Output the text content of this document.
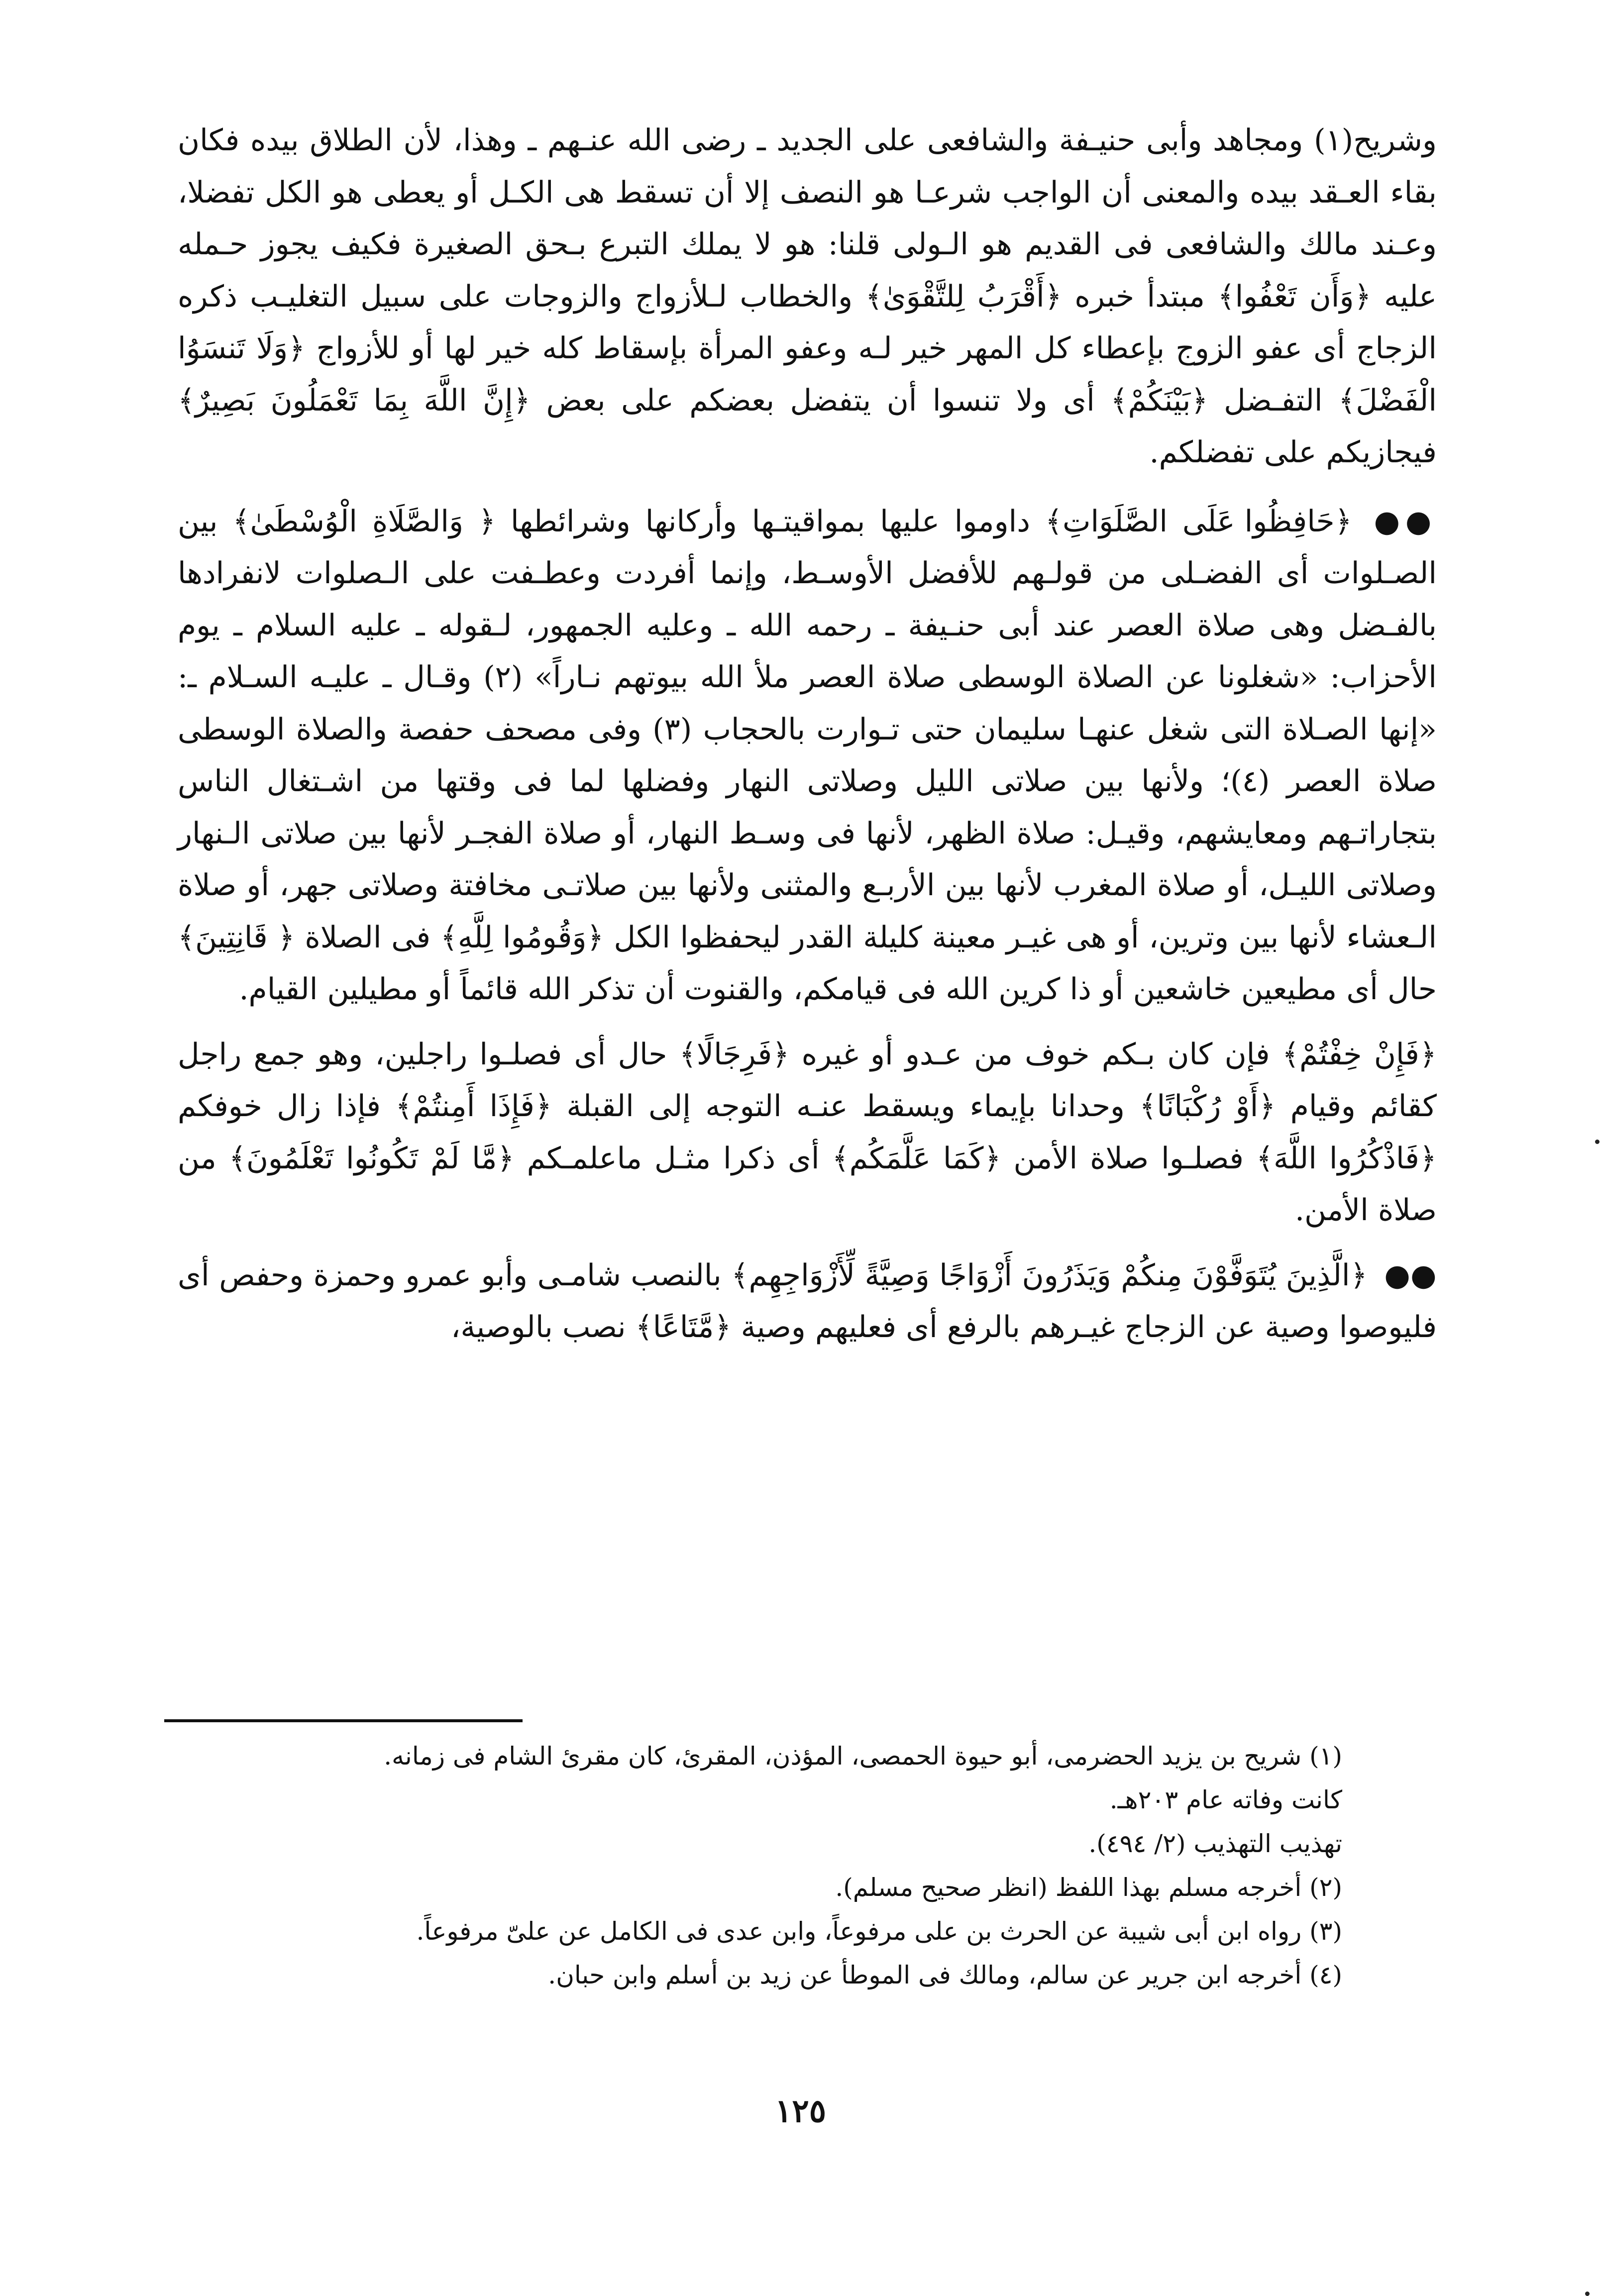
وشريح(١) ومجاهد وأبى حنيـفة والشافعى على الجديد ـ رضى الله عنـهم ـ وهذا، لأن الطلاق بيده فكان بقاء العـقد بيده والمعنى أن الواجب شرعـا هو النصف إلا أن تسقط هى الكـل أو يعطى هو الكل تفضلا، وعـند مالك والشافعى فى القديم هو الـولى قلنا: هو لا يملك التبرع بـحق الصغيرة فكيف يجوز حـمله عليه ﴿وَأَن تَعْفُوا﴾ مبتدأ خبره ﴿أَقْرَبُ لِلتَّقْوَىٰ﴾ والخطاب لـلأزواج والزوجات على سبيل التغليـب ذكره الزجاج أى عفو الزوج بإعطاء كل المهر خير لـه وعفو المرأة بإسقاط كله خير لها أو للأزواج ﴿وَلَا تَنسَوُا الْفَضْلَ﴾ التفـضل ﴿بَيْنَكُمْ﴾ أى ولا تنسوا أن يتفضل بعضكم على بعض ﴿إِنَّ اللَّهَ بِمَا تَعْمَلُونَ بَصِيرٌ﴾ فيجازيكم على تفضلكم.

●● ﴿حَافِظُوا عَلَى الصَّلَوَاتِ﴾ داوموا عليها بمواقيتـها وأركانها وشرائطها ﴿ وَالصَّلَاةِ الْوُسْطَىٰ﴾ بين الصـلوات أى الفضـلى من قولـهم للأفضل الأوسـط، وإنما أفردت وعطـفت على الـصلوات لانفرادها بالفـضل وهى صلاة العصر عند أبى حنـيفة ـ رحمه الله ـ وعليه الجمهور، لـقوله ـ عليه السلام ـ يوم الأحزاب: «شغلونا عن الصلاة الوسطى صلاة العصر ملأ الله بيوتهم نـاراً» (٢) وقـال ـ عليـه السـلام ـ: «إنها الصـلاة التى شغل عنهـا سليمان حتى تـوارت بالحجاب (٣) وفى مصحف حفصة والصلاة الوسطى صلاة العصر (٤)؛ ولأنها بين صلاتى الليل وصلاتى النهار وفضلها لما فى وقتها من اشـتغال الناس بتجاراتـهم ومعايشهم، وقيـل: صلاة الظهر، لأنها فى وسـط النهار، أو صلاة الفجـر لأنها بين صلاتى الـنهار وصلاتى الليـل، أو صلاة المغرب لأنها بين الأربـع والمثنى ولأنها بين صلاتـى مخافتة وصلاتى جهر، أو صلاة الـعشاء لأنها بين وترين، أو هى غيـر معينة كليلة القدر ليحفظوا الكل ﴿وَقُومُوا لِلَّهِ﴾ فى الصلاة ﴿ قَانِتِينَ﴾ حال أى مطيعين خاشعين أو ذا كرين الله فى قيامكم، والقنوت أن تذكر الله قائماً أو مطيلين القيام.

﴿فَإِنْ خِفْتُمْ﴾ فإن كان بـكم خوف من عـدو أو غيره ﴿فَرِجَالًا﴾ حال أى فصلـوا راجلين، وهو جمع راجل كقائم وقيام ﴿أَوْ رُكْبَانًا﴾ وحدانا بإيماء ويسقط عنـه التوجه إلى القبلة ﴿فَإِذَا أَمِنتُمْ﴾ فإذا زال خوفكم ﴿فَاذْكُرُوا اللَّهَ﴾ فصلـوا صلاة الأمن ﴿كَمَا عَلَّمَكُم﴾ أى ذكرا مثـل ماعلمـكم ﴿مَّا لَمْ تَكُونُوا تَعْلَمُونَ﴾ من صلاة الأمن.

●● ﴿الَّذِينَ يُتَوَفَّوْنَ مِنكُمْ وَيَذَرُونَ أَزْوَاجًا وَصِيَّةً لِّأَزْوَاجِهِم﴾ بالنصب شامـى وأبو عمرو وحمزة وحفص أى فليوصوا وصية عن الزجاج غيـرهم بالرفع أى فعليهم وصية ﴿مَّتَاعًا﴾ نصب بالوصية،

(١) شريح بن يزيد الحضرمى، أبو حيوة الحمصى، المؤذن، المقرئ، كان مقرئ الشام فى زمانه.

كانت وفاته عام ٢٠٣هـ.

تهذيب التهذيب (٢/ ٤٩٤).

(٢) أخرجه مسلم بهذا اللفظ (انظر صحيح مسلم).

(٣) رواه ابن أبى شيبة عن الحرث بن على مرفوعاً، وابن عدى فى الكامل عن علىّ مرفوعاً.

(٤) أخرجه ابن جرير عن سالم، ومالك فى الموطأ عن زيد بن أسلم وابن حبان.

١٢٥
